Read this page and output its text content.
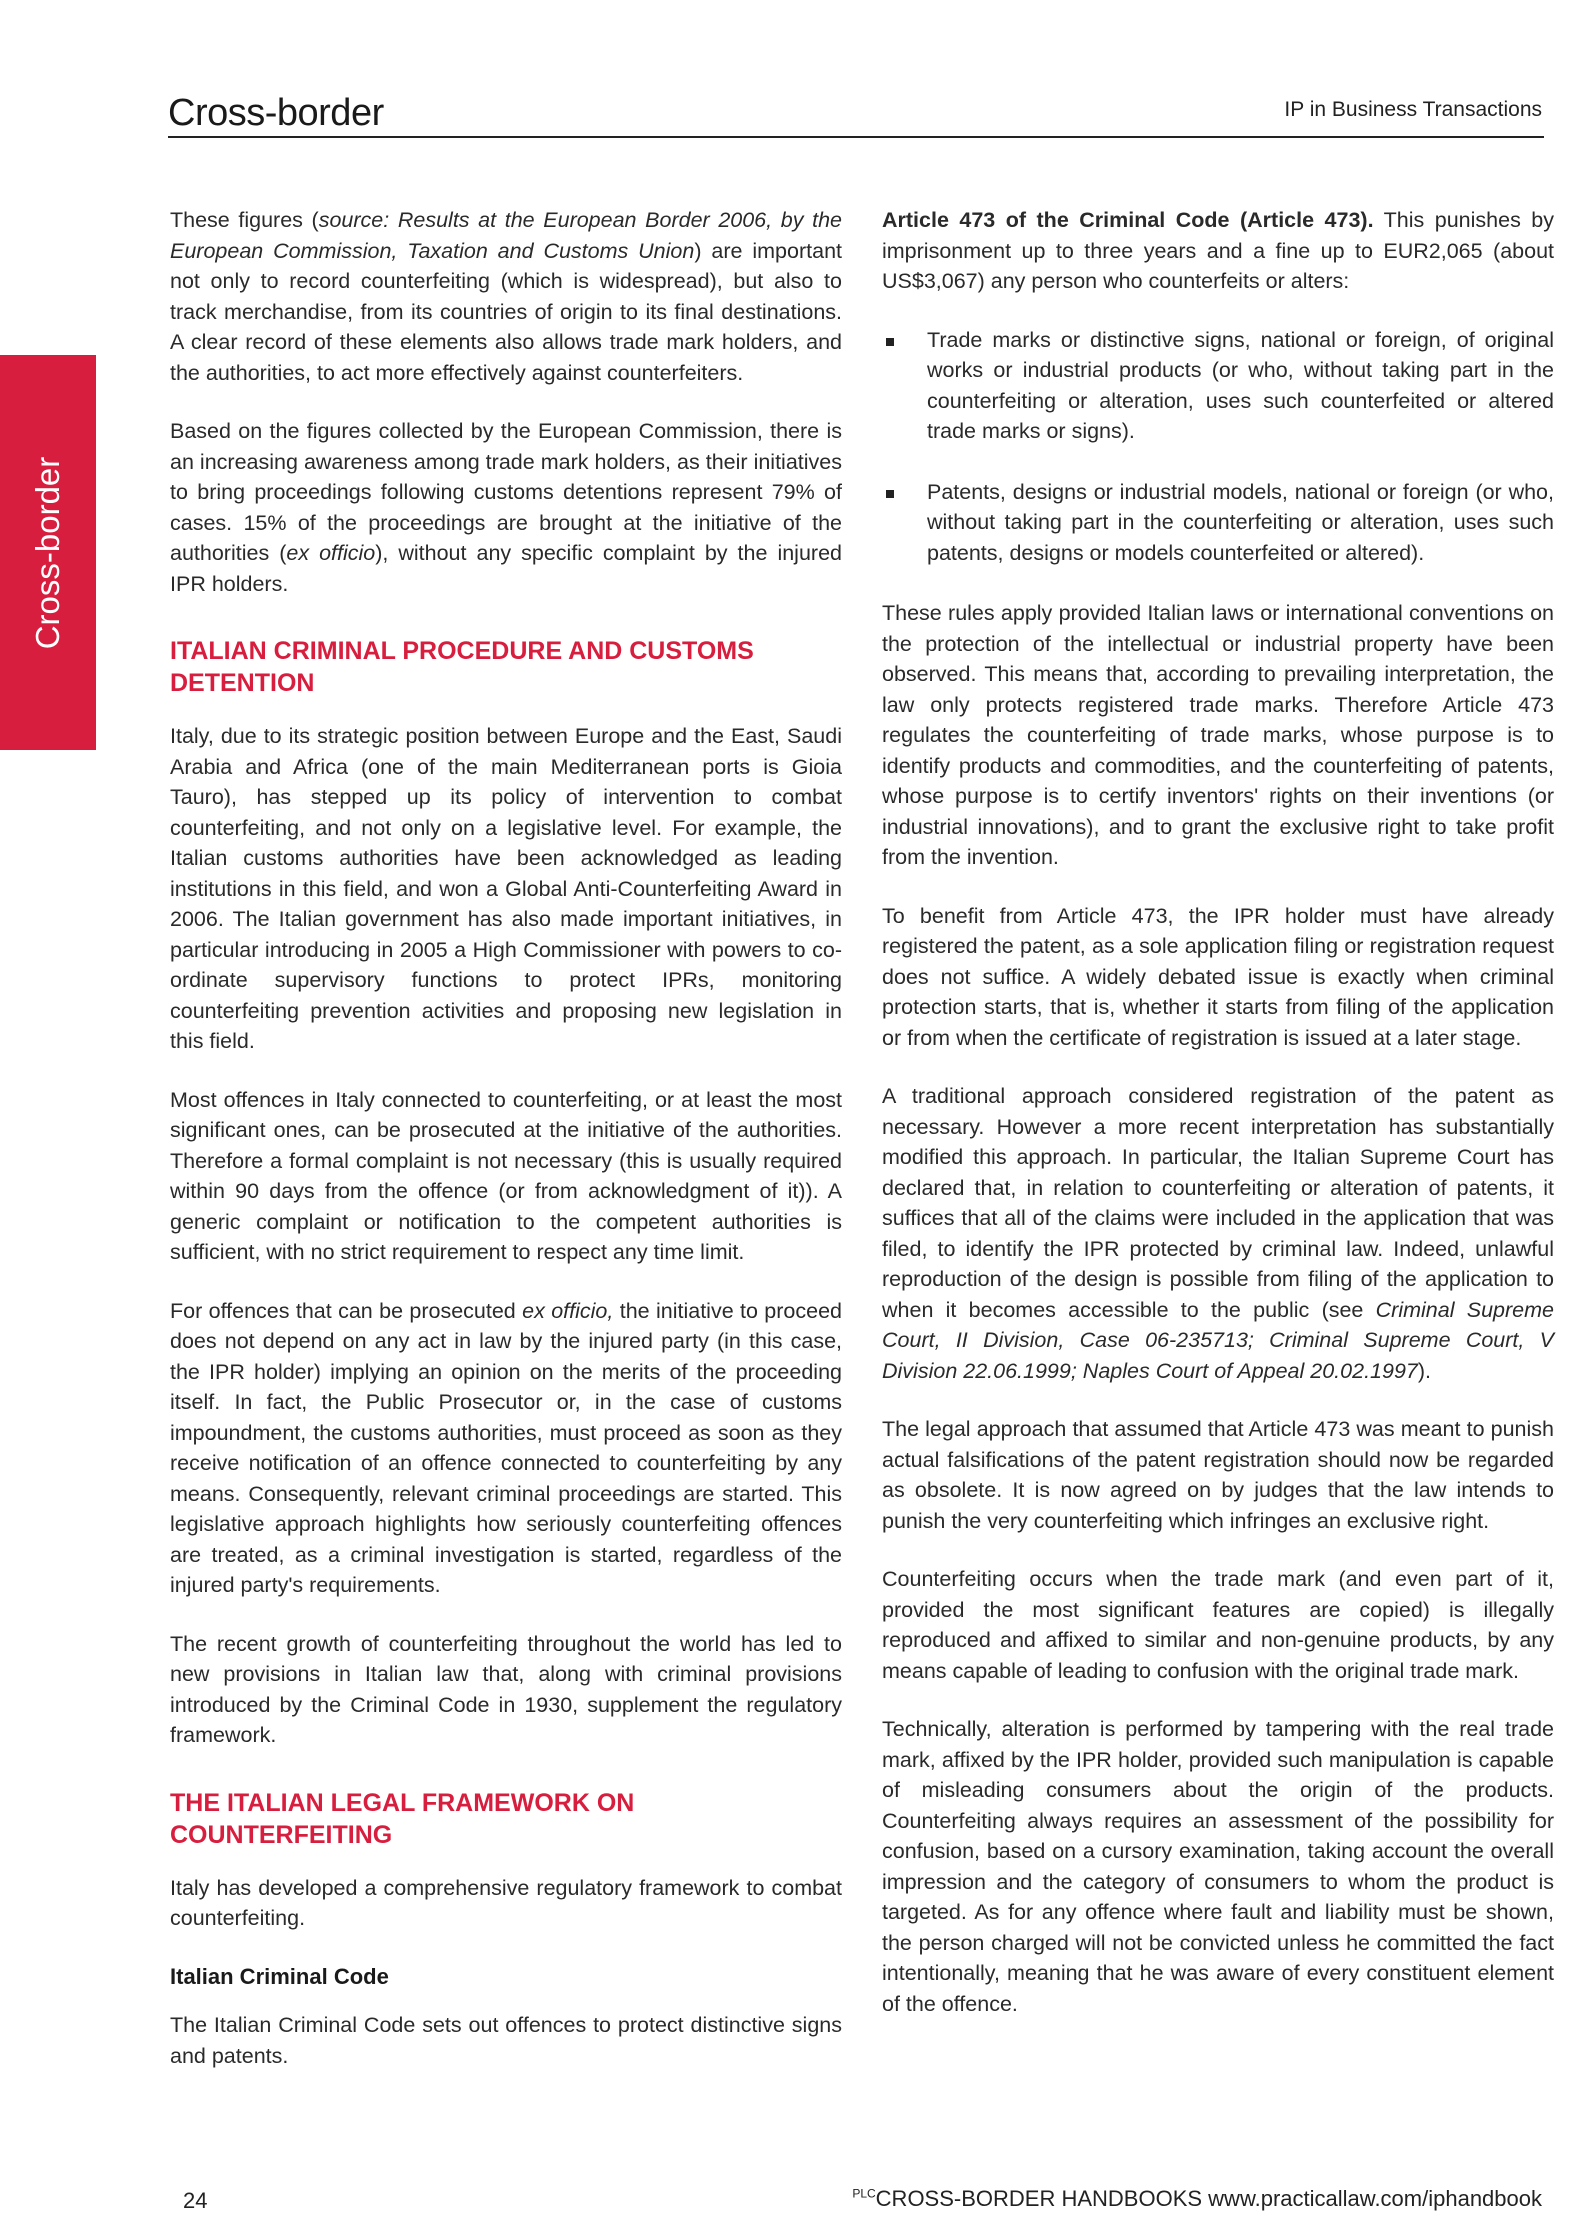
Cross-border	IP in Business Transactions
Cross-border

These figures (source: Results at the European Border 2006, by the European Commission, Taxation and Customs Union) are important not only to record counterfeiting (which is widespread), but also to track merchandise, from its countries of origin to its final destinations. A clear record of these elements also allows trade mark holders, and the authorities, to act more effectively against counterfeiters.

Based on the figures collected by the European Commission, there is an increasing awareness among trade mark holders, as their initiatives to bring proceedings following customs detentions represent 79% of cases. 15% of the proceedings are brought at the initiative of the authorities (ex officio), without any specific complaint by the injured IPR holders.

ITALIAN CRIMINAL PROCEDURE AND CUSTOMS DETENTION

Italy, due to its strategic position between Europe and the East, Saudi Arabia and Africa (one of the main Mediterranean ports is Gioia Tauro), has stepped up its policy of intervention to combat counterfeiting, and not only on a legislative level. For example, the Italian customs authorities have been acknowledged as leading institutions in this field, and won a Global Anti-Counterfeiting Award in 2006. The Italian government has also made important initiatives, in particular introducing in 2005 a High Commissioner with powers to co-ordinate supervisory functions to protect IPRs, monitoring counterfeiting prevention activities and proposing new legislation in this field.

Most offences in Italy connected to counterfeiting, or at least the most significant ones, can be prosecuted at the initiative of the authorities. Therefore a formal complaint is not necessary (this is usually required within 90 days from the offence (or from acknowledgment of it)). A generic complaint or notification to the competent authorities is sufficient, with no strict requirement to respect any time limit.

For offences that can be prosecuted ex officio, the initiative to proceed does not depend on any act in law by the injured party (in this case, the IPR holder) implying an opinion on the merits of the proceeding itself. In fact, the Public Prosecutor or, in the case of customs impoundment, the customs authorities, must proceed as soon as they receive notification of an offence connected to counterfeiting by any means. Consequently, relevant criminal proceedings are started. This legislative approach highlights how seriously counterfeiting offences are treated, as a criminal investigation is started, regardless of the injured party's requirements.

The recent growth of counterfeiting throughout the world has led to new provisions in Italian law that, along with criminal provisions introduced by the Criminal Code in 1930, supplement the regulatory framework.

THE ITALIAN LEGAL FRAMEWORK ON COUNTERFEITING

Italy has developed a comprehensive regulatory framework to combat counterfeiting.

Italian Criminal Code

The Italian Criminal Code sets out offences to protect distinctive signs and patents.

Article 473 of the Criminal Code (Article 473). This punishes by imprisonment up to three years and a fine up to EUR2,065 (about US$3,067) any person who counterfeits or alters:

Trade marks or distinctive signs, national or foreign, of original works or industrial products (or who, without taking part in the counterfeiting or alteration, uses such counterfeited or altered trade marks or signs).
Patents, designs or industrial models, national or foreign (or who, without taking part in the counterfeiting or alteration, uses such patents, designs or models counterfeited or altered).

These rules apply provided Italian laws or international conventions on the protection of the intellectual or industrial property have been observed. This means that, according to prevailing interpretation, the law only protects registered trade marks. Therefore Article 473 regulates the counterfeiting of trade marks, whose purpose is to identify products and commodities, and the counterfeiting of patents, whose purpose is to certify inventors' rights on their inventions (or industrial innovations), and to grant the exclusive right to take profit from the invention.

To benefit from Article 473, the IPR holder must have already registered the patent, as a sole application filing or registration request does not suffice. A widely debated issue is exactly when criminal protection starts, that is, whether it starts from filing of the application or from when the certificate of registration is issued at a later stage.

A traditional approach considered registration of the patent as necessary. However a more recent interpretation has substantially modified this approach. In particular, the Italian Supreme Court has declared that, in relation to counterfeiting or alteration of patents, it suffices that all of the claims were included in the application that was filed, to identify the IPR protected by criminal law. Indeed, unlawful reproduction of the design is possible from filing of the application to when it becomes accessible to the public (see Criminal Supreme Court, II Division, Case 06-235713; Criminal Supreme Court, V Division 22.06.1999; Naples Court of Appeal 20.02.1997).

The legal approach that assumed that Article 473 was meant to punish actual falsifications of the patent registration should now be regarded as obsolete. It is now agreed on by judges that the law intends to punish the very counterfeiting which infringes an exclusive right.

Counterfeiting occurs when the trade mark (and even part of it, provided the most significant features are copied) is illegally reproduced and affixed to similar and non-genuine products, by any means capable of leading to confusion with the original trade mark.

Technically, alteration is performed by tampering with the real trade mark, affixed by the IPR holder, provided such manipulation is capable of misleading consumers about the origin of the products. Counterfeiting always requires an assessment of the possibility for confusion, based on a cursory examination, taking account the overall impression and the category of consumers to whom the product is targeted. As for any offence where fault and liability must be shown, the person charged will not be convicted unless he committed the fact intentionally, meaning that he was aware of every constituent element of the offence.

24	$^{PLC}$CROSS-BORDER HANDBOOKS www.practicallaw.com/iphandbook
